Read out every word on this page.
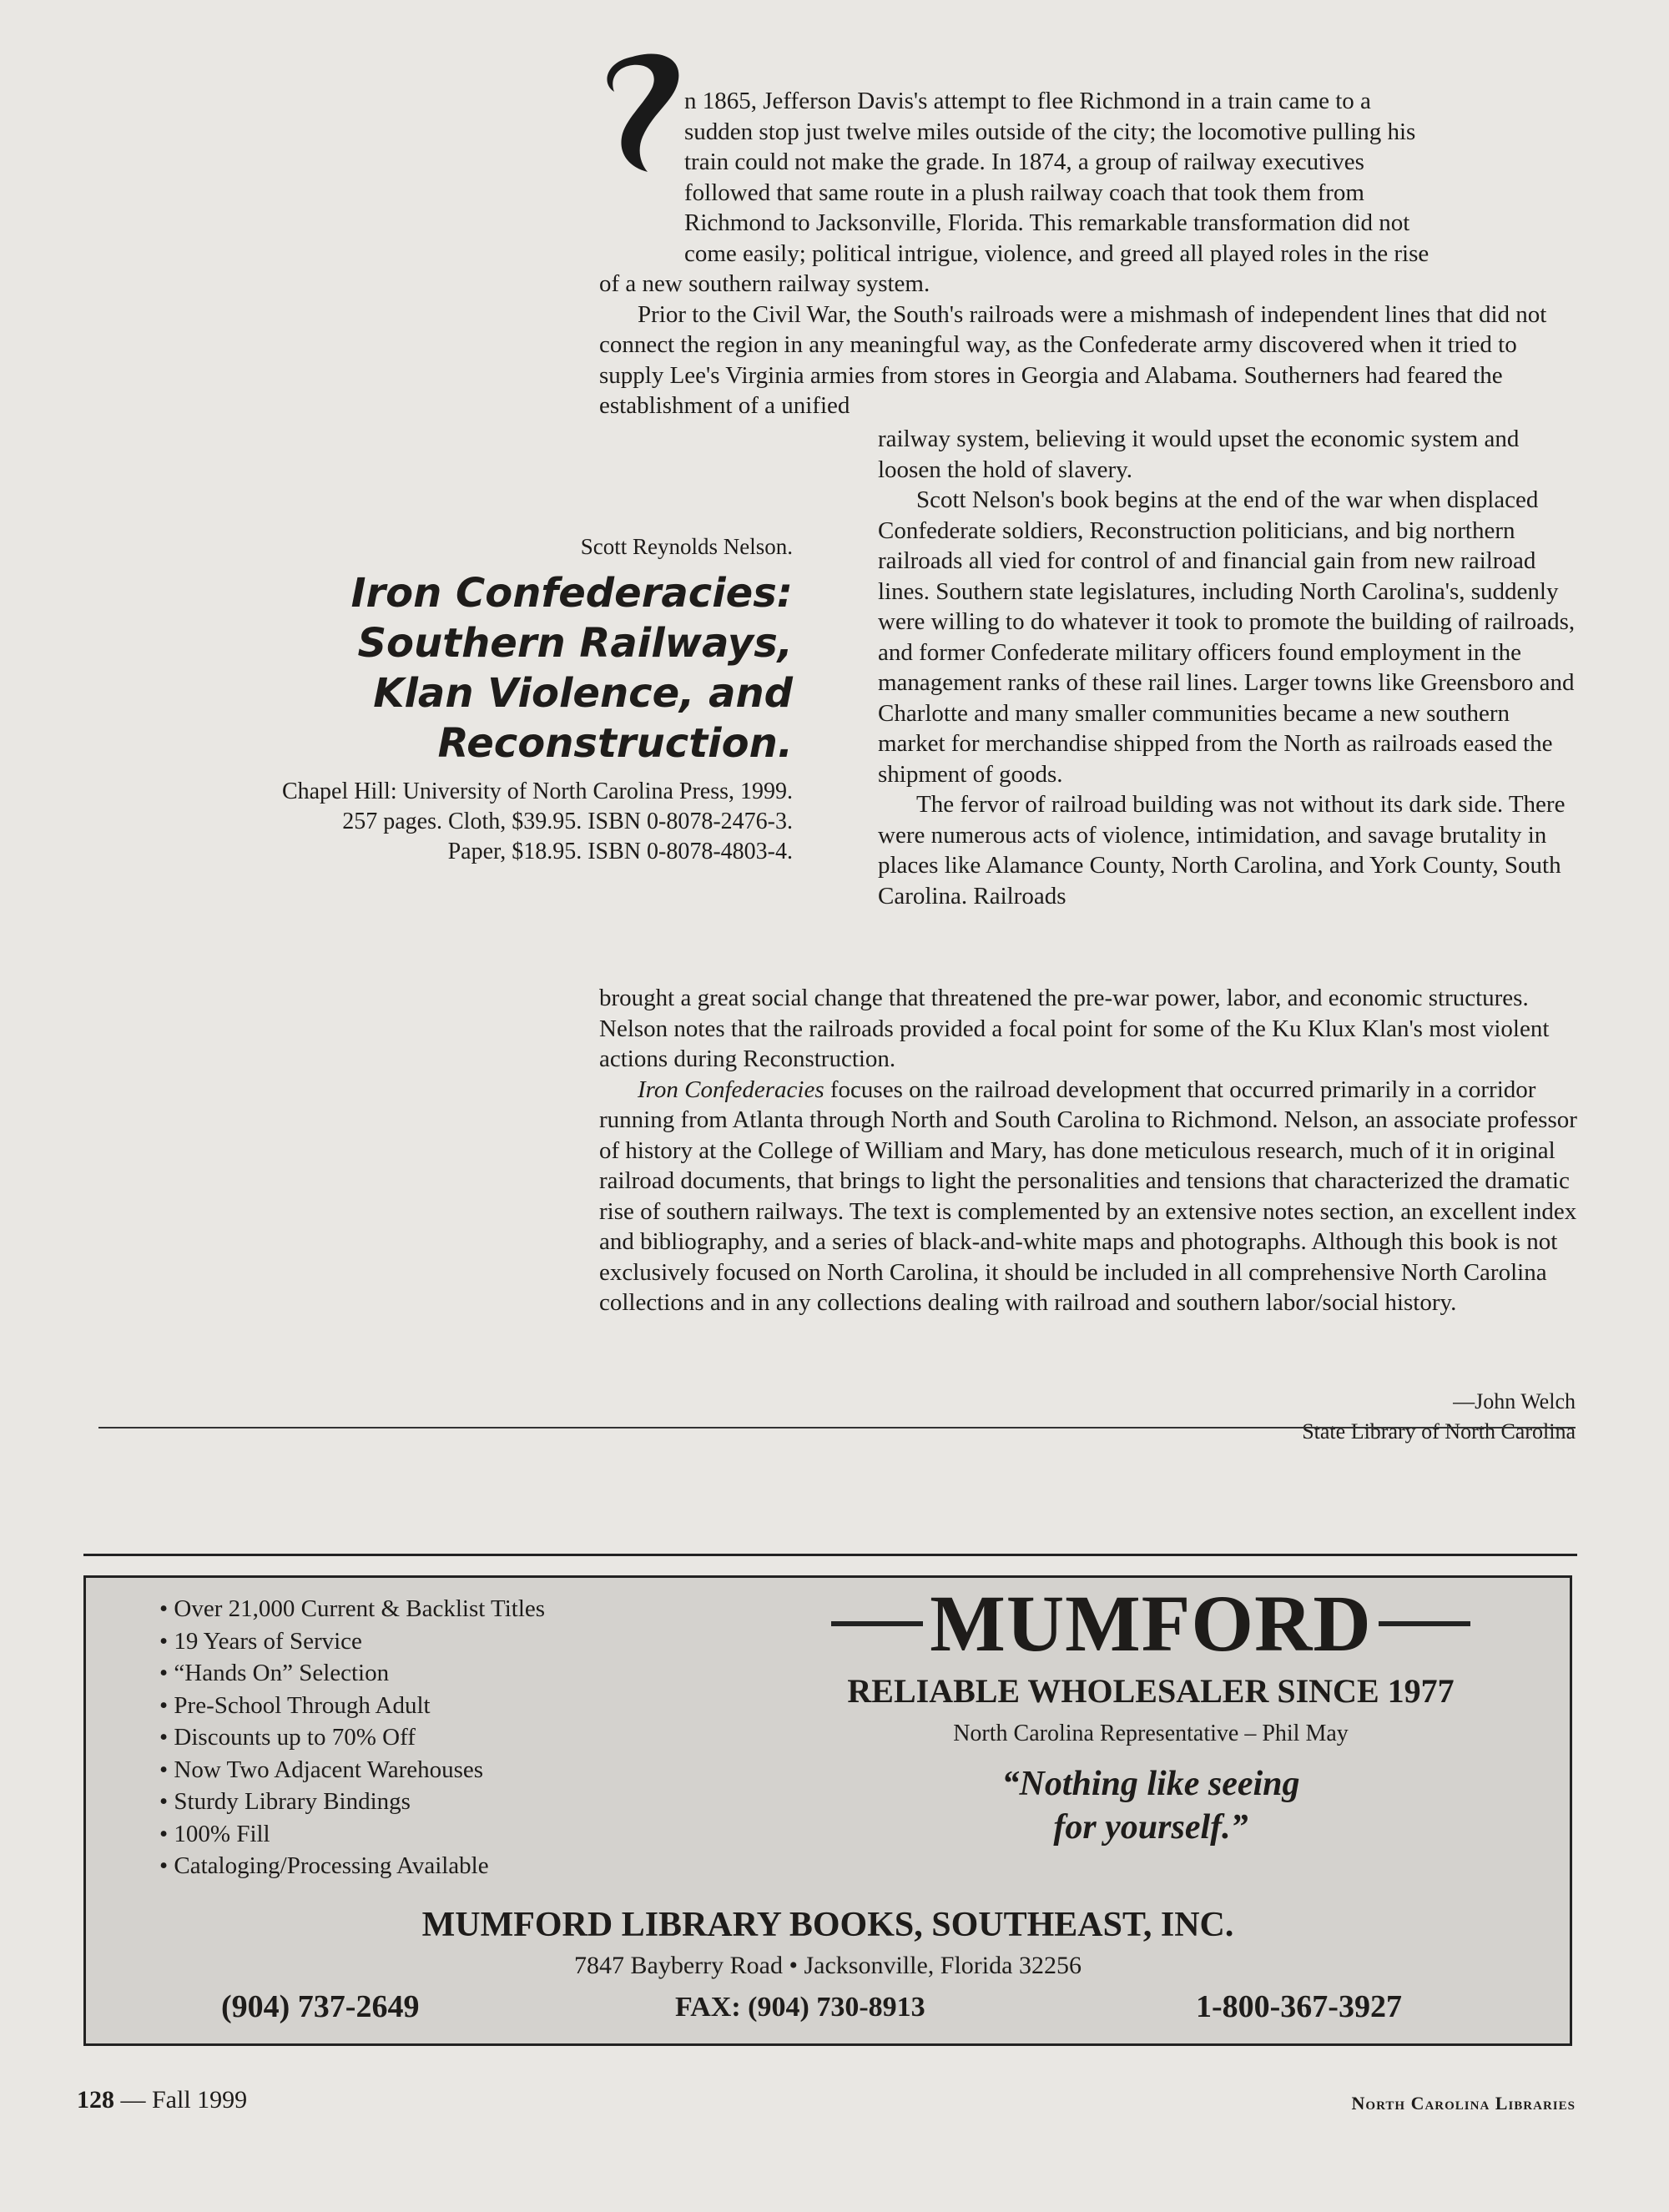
n 1865, Jefferson Davis's attempt to flee Richmond in a train came to a
sudden stop just twelve miles outside of the city; the locomotive pulling his
train could not make the grade. In 1874, a group of railway executives
followed that same route in a plush railway coach that took them from
Richmond to Jacksonville, Florida. This remarkable transformation did not
come easily; political intrigue, violence, and greed all played roles in the rise
of a new southern railway system.

Prior to the Civil War, the South's railroads were a mishmash of independent lines that did not connect the region in any meaningful way, as the Confederate army discovered when it tried to supply Lee's Virginia armies from stores in Georgia and Alabama. Southerners had feared the establishment of a unified

Scott Reynolds Nelson.
Iron Confederacies:
Southern Railways,
Klan Violence, and Reconstruction.
Chapel Hill: University of North Carolina Press, 1999.
257 pages. Cloth, $39.95. ISBN 0-8078-2476-3.
Paper, $18.95. ISBN 0-8078-4803-4.

railway system, believing it would upset the economic system and loosen the hold of slavery.

Scott Nelson's book begins at the end of the war when displaced Confederate soldiers, Reconstruction politicians, and big northern railroads all vied for control of and financial gain from new railroad lines. Southern state legislatures, including North Carolina's, suddenly were willing to do whatever it took to promote the building of railroads, and former Confederate military officers found employment in the management ranks of these rail lines. Larger towns like Greensboro and Charlotte and many smaller communities became a new southern market for merchandise shipped from the North as railroads eased the shipment of goods.

The fervor of railroad building was not without its dark side. There were numerous acts of violence, intimidation, and savage brutality in places like Alamance County, North Carolina, and York County, South Carolina. Railroads

brought a great social change that threatened the pre-war power, labor, and economic structures. Nelson notes that the railroads provided a focal point for some of the Ku Klux Klan's most violent actions during Reconstruction.

Iron Confederacies focuses on the railroad development that occurred primarily in a corridor running from Atlanta through North and South Carolina to Richmond. Nelson, an associate professor of history at the College of William and Mary, has done meticulous research, much of it in original railroad documents, that brings to light the personalities and tensions that characterized the dramatic rise of southern railways. The text is complemented by an extensive notes section, an excellent index and bibliography, and a series of black-and-white maps and photographs. Although this book is not exclusively focused on North Carolina, it should be included in all comprehensive North Carolina collections and in any collections dealing with railroad and southern labor/social history.

—John Welch
State Library of North Carolina
• Over 21,000 Current & Backlist Titles
• 19 Years of Service
• “Hands On” Selection
• Pre-School Through Adult
• Discounts up to 70% Off
• Now Two Adjacent Warehouses
• Sturdy Library Bindings
• 100% Fill
• Cataloging/Processing Available
MUMFORD
RELIABLE WHOLESALER SINCE 1977
North Carolina Representative – Phil May
“Nothing like seeing
for yourself.”
MUMFORD LIBRARY BOOKS, SOUTHEAST, INC.
7847 Bayberry Road • Jacksonville, Florida 32256
(904) 737-2649	FAX: (904) 730-8913	1-800-367-3927
128 — Fall 1999	North Carolina Libraries
